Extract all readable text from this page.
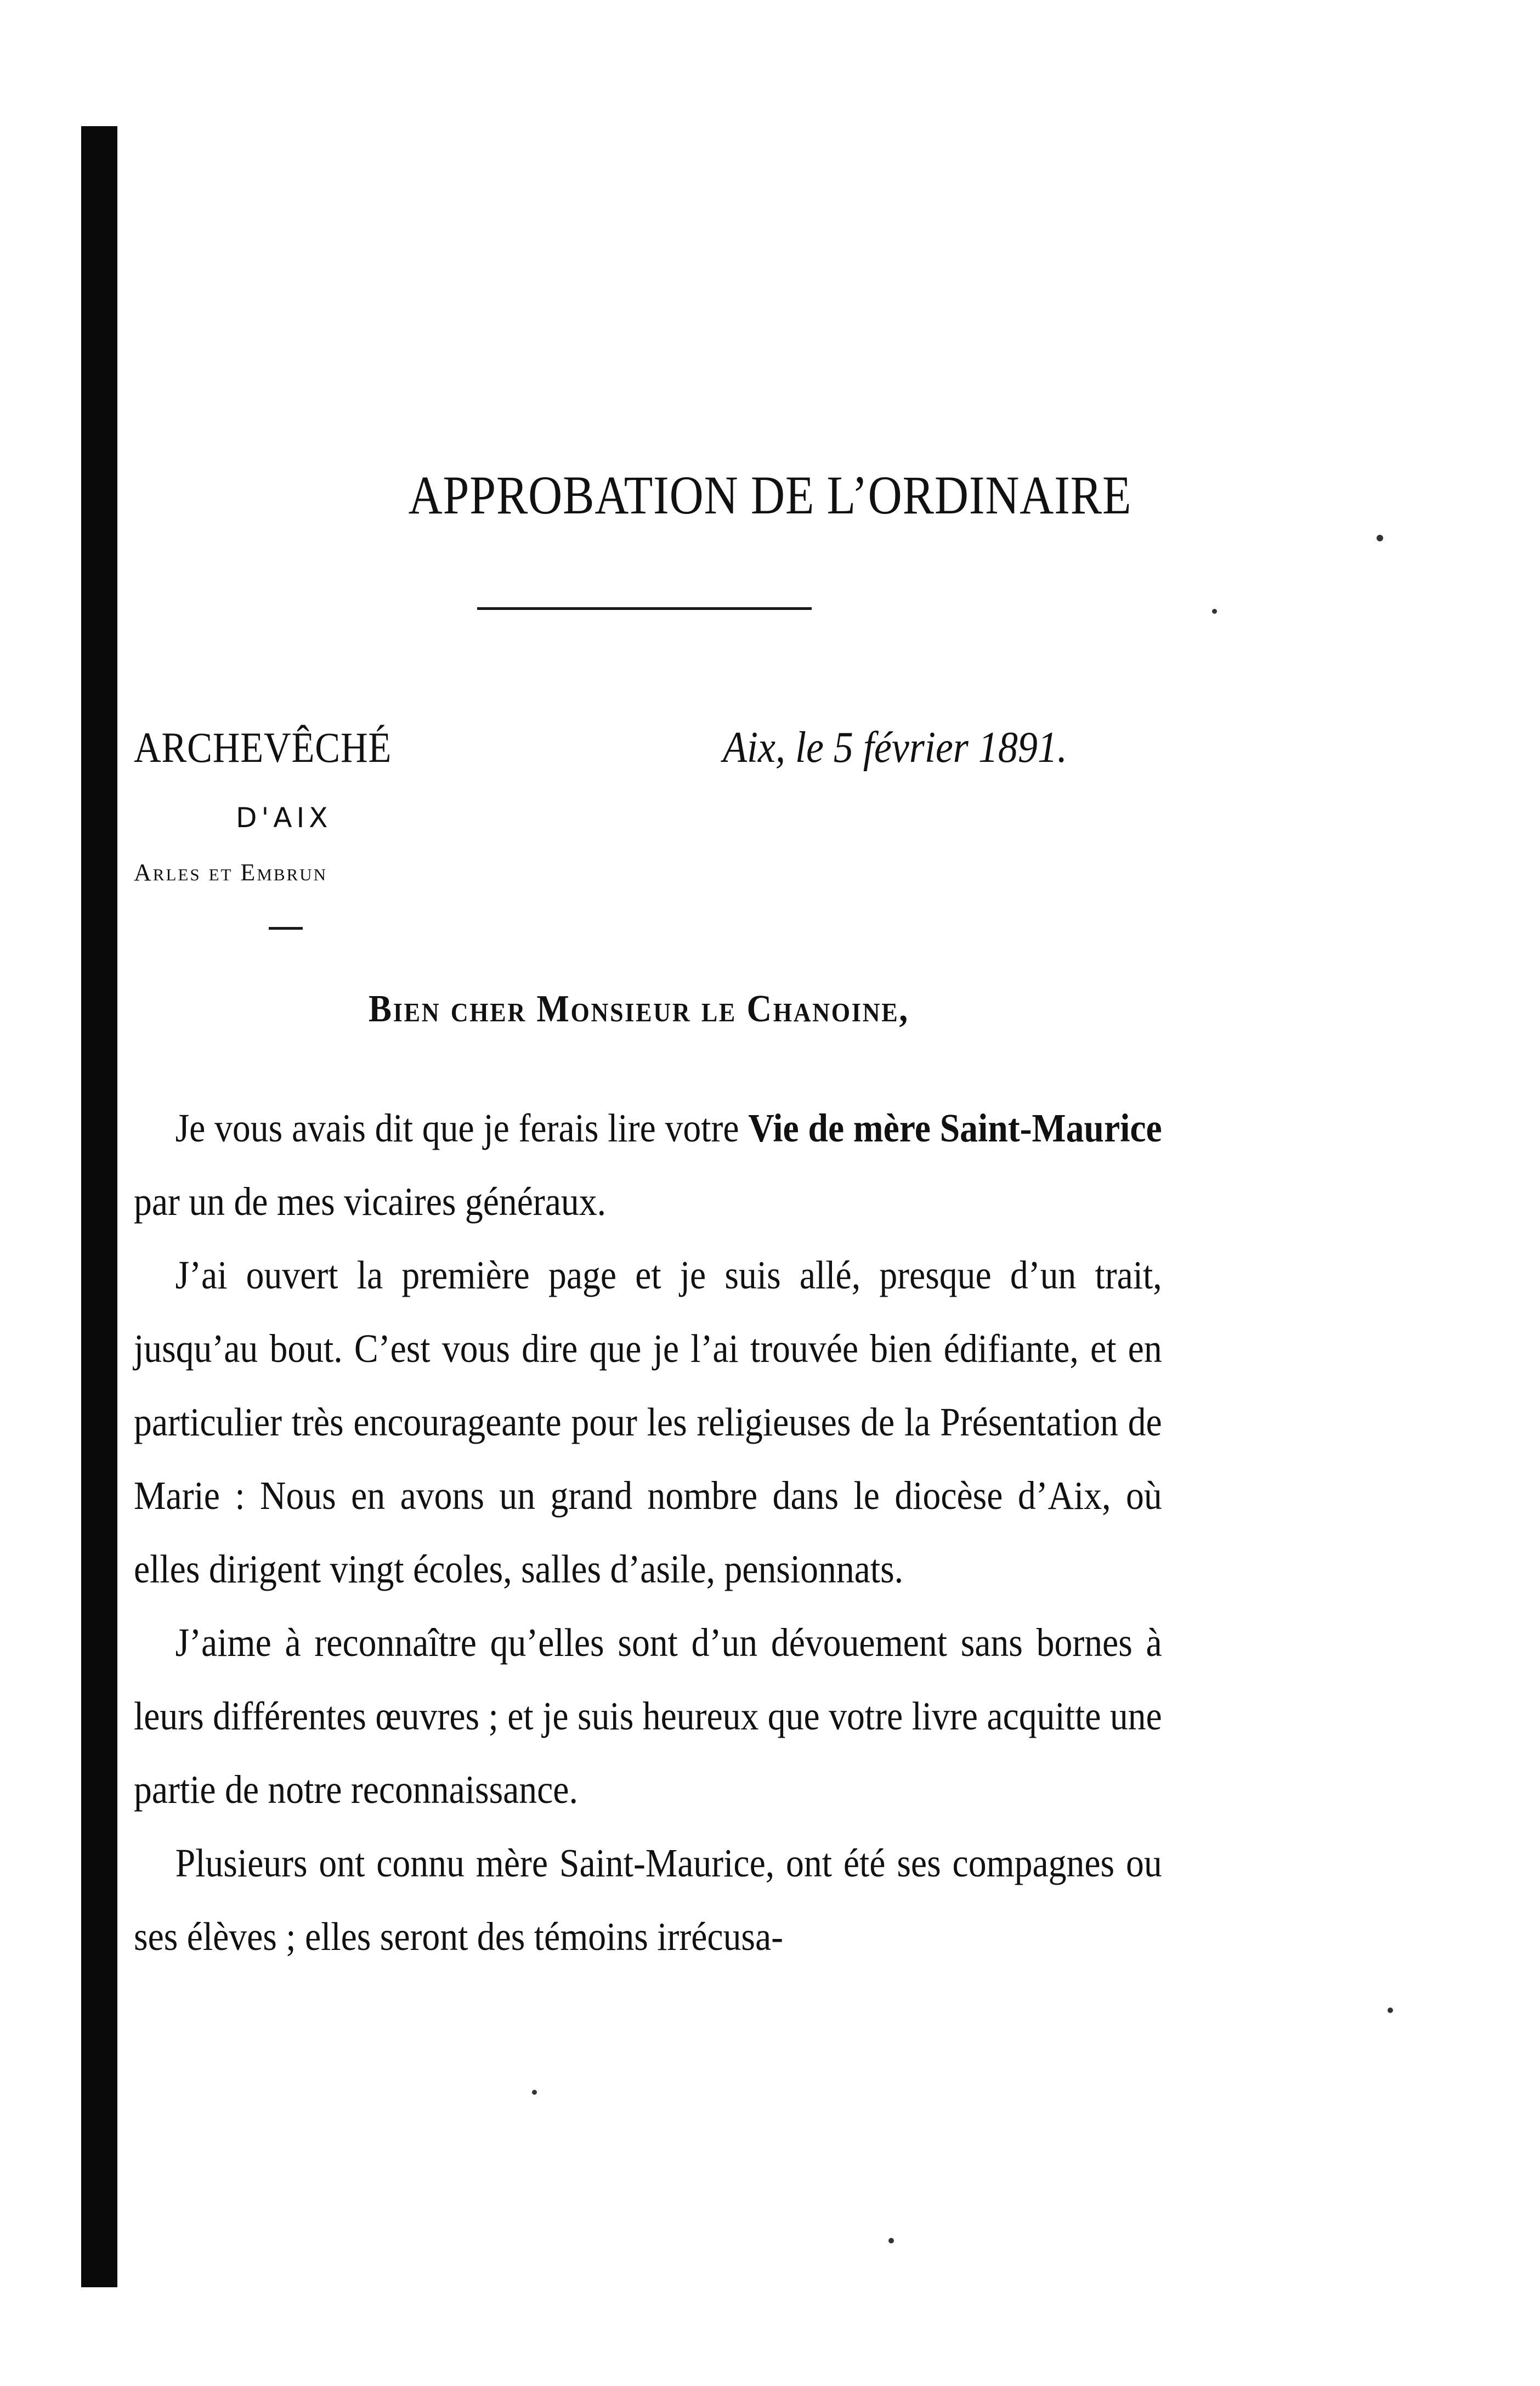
APPROBATION DE L’ORDINAIRE
ARCHEVÊCHÉ
D'AIX
Arles et Embrun
Aix, le 5 février 1891.
Bien cher Monsieur le Chanoine,

Je vous avais dit que je ferais lire votre Vie de mère Saint-Maurice par un de mes vicaires généraux.

J’ai ouvert la première page et je suis allé, presque d’un trait, jusqu’au bout. C’est vous dire que je l’ai trouvée bien édifiante, et en particulier très encourageante pour les religieuses de la Présentation de Marie : Nous en avons un grand nombre dans le diocèse d’Aix, où elles dirigent vingt écoles, salles d’asile, pensionnats.

J’aime à reconnaître qu’elles sont d’un dévouement sans bornes à leurs différentes œuvres ; et je suis heureux que votre livre acquitte une partie de notre reconnaissance.

Plusieurs ont connu mère Saint-Maurice, ont été ses compagnes ou ses élèves ; elles seront des témoins irrécusa-
